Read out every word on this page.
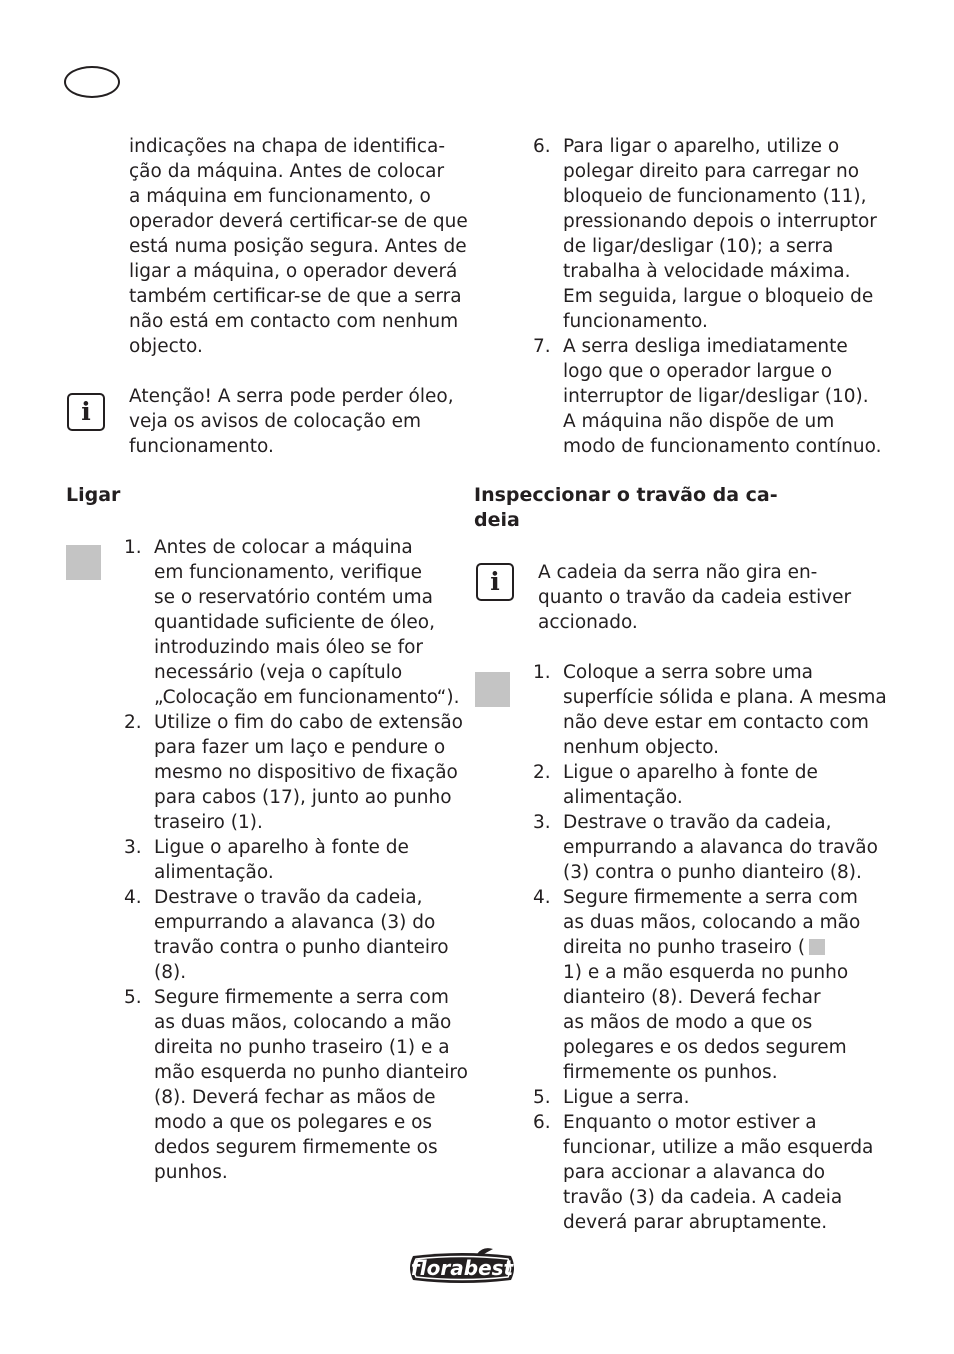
indicações na chapa de identifica-
ção da máquina. Antes de colocar
a máquina em funcionamento, o
operador deverá certificar-se de que
está numa posição segura. Antes de
ligar a máquina, o operador deverá
também certificar-se de que a serra
não está em contacto com nenhum
objecto.
i
Atenção! A serra pode perder óleo,
veja os avisos de colocação em
funcionamento.
Ligar
1. Antes de colocar a máquina
em funcionamento, verifique
se o reservatório contém uma
quantidade suficiente de óleo,
introduzindo mais óleo se for
necessário (veja o capítulo
„Colocação em funcionamento“).
2. Utilize o fim do cabo de extensão
para fazer um laço e pendure o
mesmo no dispositivo de fixação
para cabos (17), junto ao punho
traseiro (1).
3. Ligue o aparelho à fonte de
alimentação.
4. Destrave o travão da cadeia,
empurrando a alavanca (3) do
travão contra o punho dianteiro
(8).
5. Segure firmemente a serra com
as duas mãos, colocando a mão
direita no punho traseiro (1) e a
mão esquerda no punho dianteiro
(8). Deverá fechar as mãos de
modo a que os polegares e os
dedos segurem firmemente os
punhos.
6. Para ligar o aparelho, utilize o
polegar direito para carregar no
bloqueio de funcionamento (11),
pressionando depois o interruptor
de ligar/desligar (10); a serra
trabalha à velocidade máxima.
Em seguida, largue o bloqueio de
funcionamento.
7. A serra desliga imediatamente
logo que o operador largue o
interruptor de ligar/desligar (10).
A máquina não dispõe de um
modo de funcionamento contínuo.
Inspeccionar o travão da ca-
deia
i	A cadeia da serra não gira en-
quanto o travão da cadeia estiver
accionado.
1. Coloque a serra sobre uma
superfície sólida e plana. A mesma
não deve estar em contacto com
nenhum objecto.
2. Ligue o aparelho à fonte de
alimentação.
3. Destrave o travão da cadeia,
empurrando a alavanca do travão
(3) contra o punho dianteiro (8).
4. Segure firmemente a serra com
as duas mãos, colocando a mão
direita no punho traseiro (
1) e a mão esquerda no punho
dianteiro (8). Deverá fechar
as mãos de modo a que os
polegares e os dedos segurem
firmemente os punhos.
5. Ligue a serra.
6. Enquanto o motor estiver a
funcionar, utilize a mão esquerda
para accionar a alavanca do
travão (3) da cadeia. A cadeia
deverá parar abruptamente.
florabest
